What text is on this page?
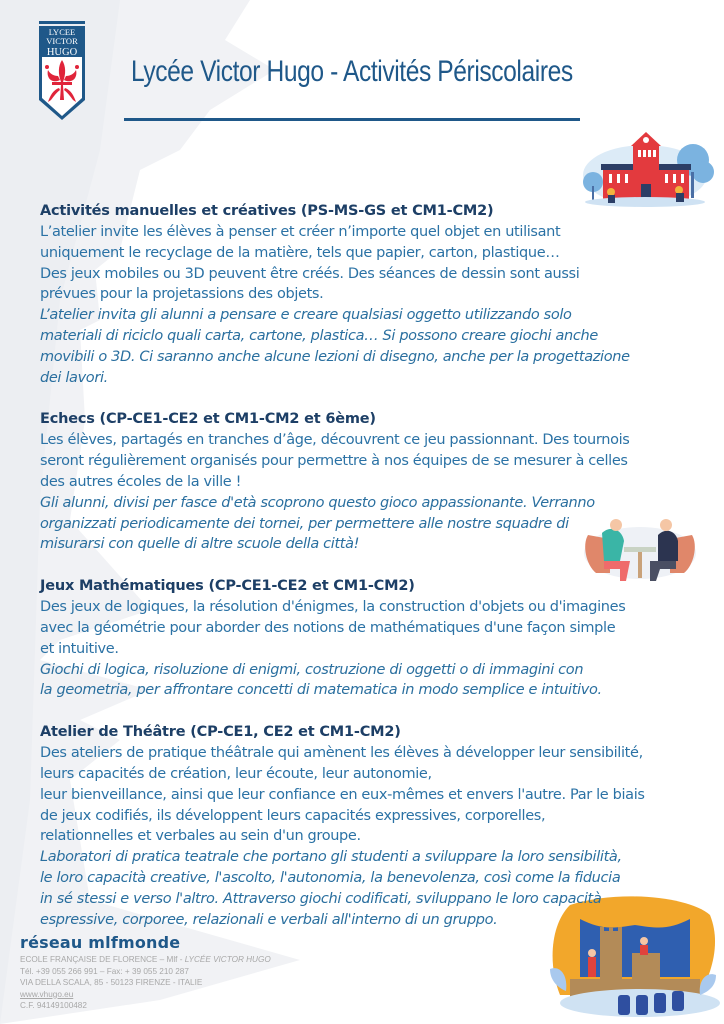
LYCEE
VICTOR
HUGO
Lycée Victor Hugo - Activités Périscolaires
Activités manuelles et créatives (PS-MS-GS et CM1-CM2)
L’atelier invite les élèves à penser et créer n’importe quel objet en utilisant
uniquement le recyclage de la matière, tels que papier, carton, plastique…
Des jeux mobiles ou 3D peuvent être créés. Des séances de dessin sont aussi
prévues pour la projetassions des objets.
L’atelier invita gli alunni a pensare e creare qualsiasi oggetto utilizzando solo
materiali di riciclo quali carta, cartone, plastica… Si possono creare giochi anche
movibili o 3D. Ci saranno anche alcune lezioni di disegno, anche per la progettazione
dei lavori.
Echecs (CP-CE1-CE2 et CM1-CM2 et 6ème)
Les élèves, partagés en tranches d’âge, découvrent ce jeu passionnant. Des tournois
seront régulièrement organisés pour permettre à nos équipes de se mesurer à celles
des autres écoles de la ville !
Gli alunni, divisi per fasce d'età scoprono questo gioco appassionante. Verranno
organizzati periodicamente dei tornei, per permettere alle nostre squadre di
misurarsi con quelle di altre scuole della città!
Jeux Mathématiques (CP-CE1-CE2 et CM1-CM2)
Des jeux de logiques, la résolution d'énigmes, la construction d'objets ou d'imagines
avec la géométrie pour aborder des notions de mathématiques d'une façon simple
et intuitive.
Giochi di logica, risoluzione di enigmi, costruzione di oggetti o di immagini con
la geometria, per affrontare concetti di matematica in modo semplice e intuitivo.
Atelier de Théâtre (CP-CE1, CE2 et CM1-CM2)
Des ateliers de pratique théâtrale qui amènent les élèves à développer leur sensibilité,
leurs capacités de création, leur écoute, leur autonomie,
leur bienveillance, ainsi que leur confiance en eux-mêmes et envers l'autre. Par le biais
de jeux codifiés, ils développent leurs capacités expressives, corporelles,
relationnelles et verbales au sein d'un groupe.
Laboratori di pratica teatrale che portano gli studenti a sviluppare la loro sensibilità,
le loro capacità creative, l'ascolto, l'autonomia, la benevolenza, così come la fiducia
in sé stessi e verso l'altro. Attraverso giochi codificati, sviluppano le loro capacità
espressive, corporee, relazionali e verbali all'interno di un gruppo.
réseau mlfmonde
ECOLE FRANÇAISE DE FLORENCE – Mlf - LYCÉE VICTOR HUGO
Tél. +39 055 266 991 – Fax: + 39 055 210 287
VIA DELLA SCALA, 85 - 50123 FIRENZE - ITALIE
www.vhugo.eu
C.F. 94149100482
